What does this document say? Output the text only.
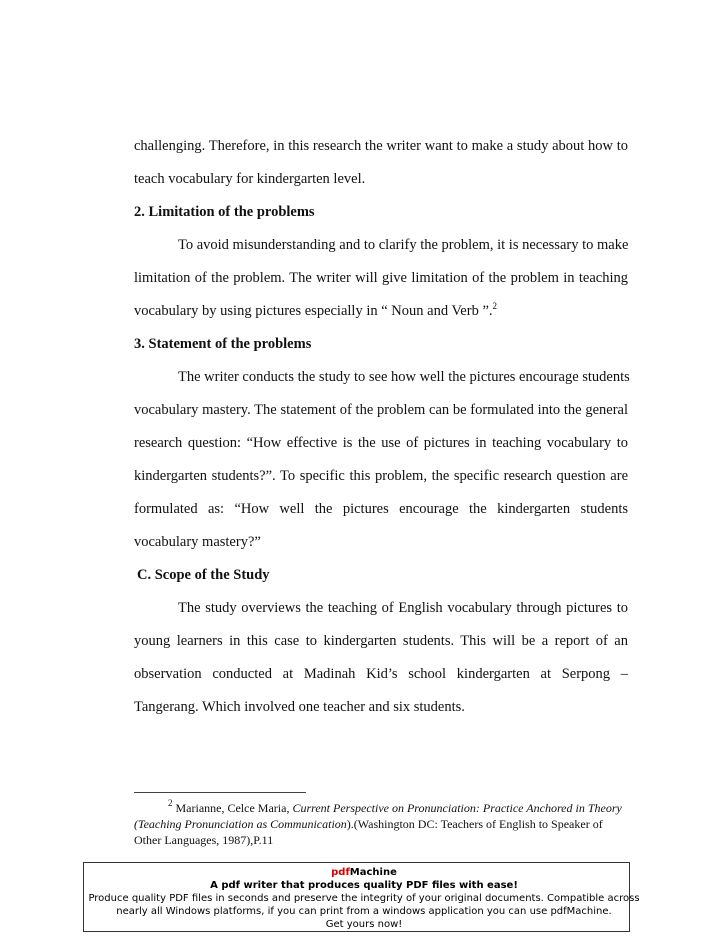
challenging. Therefore, in this research the writer want to make a study about how to
teach vocabulary for kindergarten level.
2. Limitation of the problems
To avoid misunderstanding and to clarify the problem, it is necessary to make
limitation of the problem. The writer will give limitation of the problem in teaching
vocabulary by using pictures especially in “ Noun and Verb ”.$^2$
3. Statement of the problems
The writer conducts the study to see how well the pictures encourage students
vocabulary mastery. The statement of the problem can be formulated into the general
research question: “How effective is the use of pictures in teaching vocabulary to
kindergarten students?”. To specific this problem, the specific research question are
formulated as: “How well the pictures encourage the kindergarten students
vocabulary mastery?”
C. Scope of the Study
The study overviews the teaching of English vocabulary through pictures to
young learners in this case to kindergarten students. This will be a report of an
observation conducted at Madinah Kid’s school kindergarten at Serpong –
Tangerang. Which involved one teacher and six students.
$^2$ Marianne, Celce Maria, Current Perspective on Pronunciation: Practice Anchored in Theory
(Teaching Pronunciation as Communication).(Washington DC: Teachers of English to Speaker of
Other Languages, 1987),P.11
pdfMachine
A pdf writer that produces quality PDF files with ease!
Produce quality PDF files in seconds and preserve the integrity of your original documents. Compatible across
nearly all Windows platforms, if you can print from a windows application you can use pdfMachine.
Get yours now!
